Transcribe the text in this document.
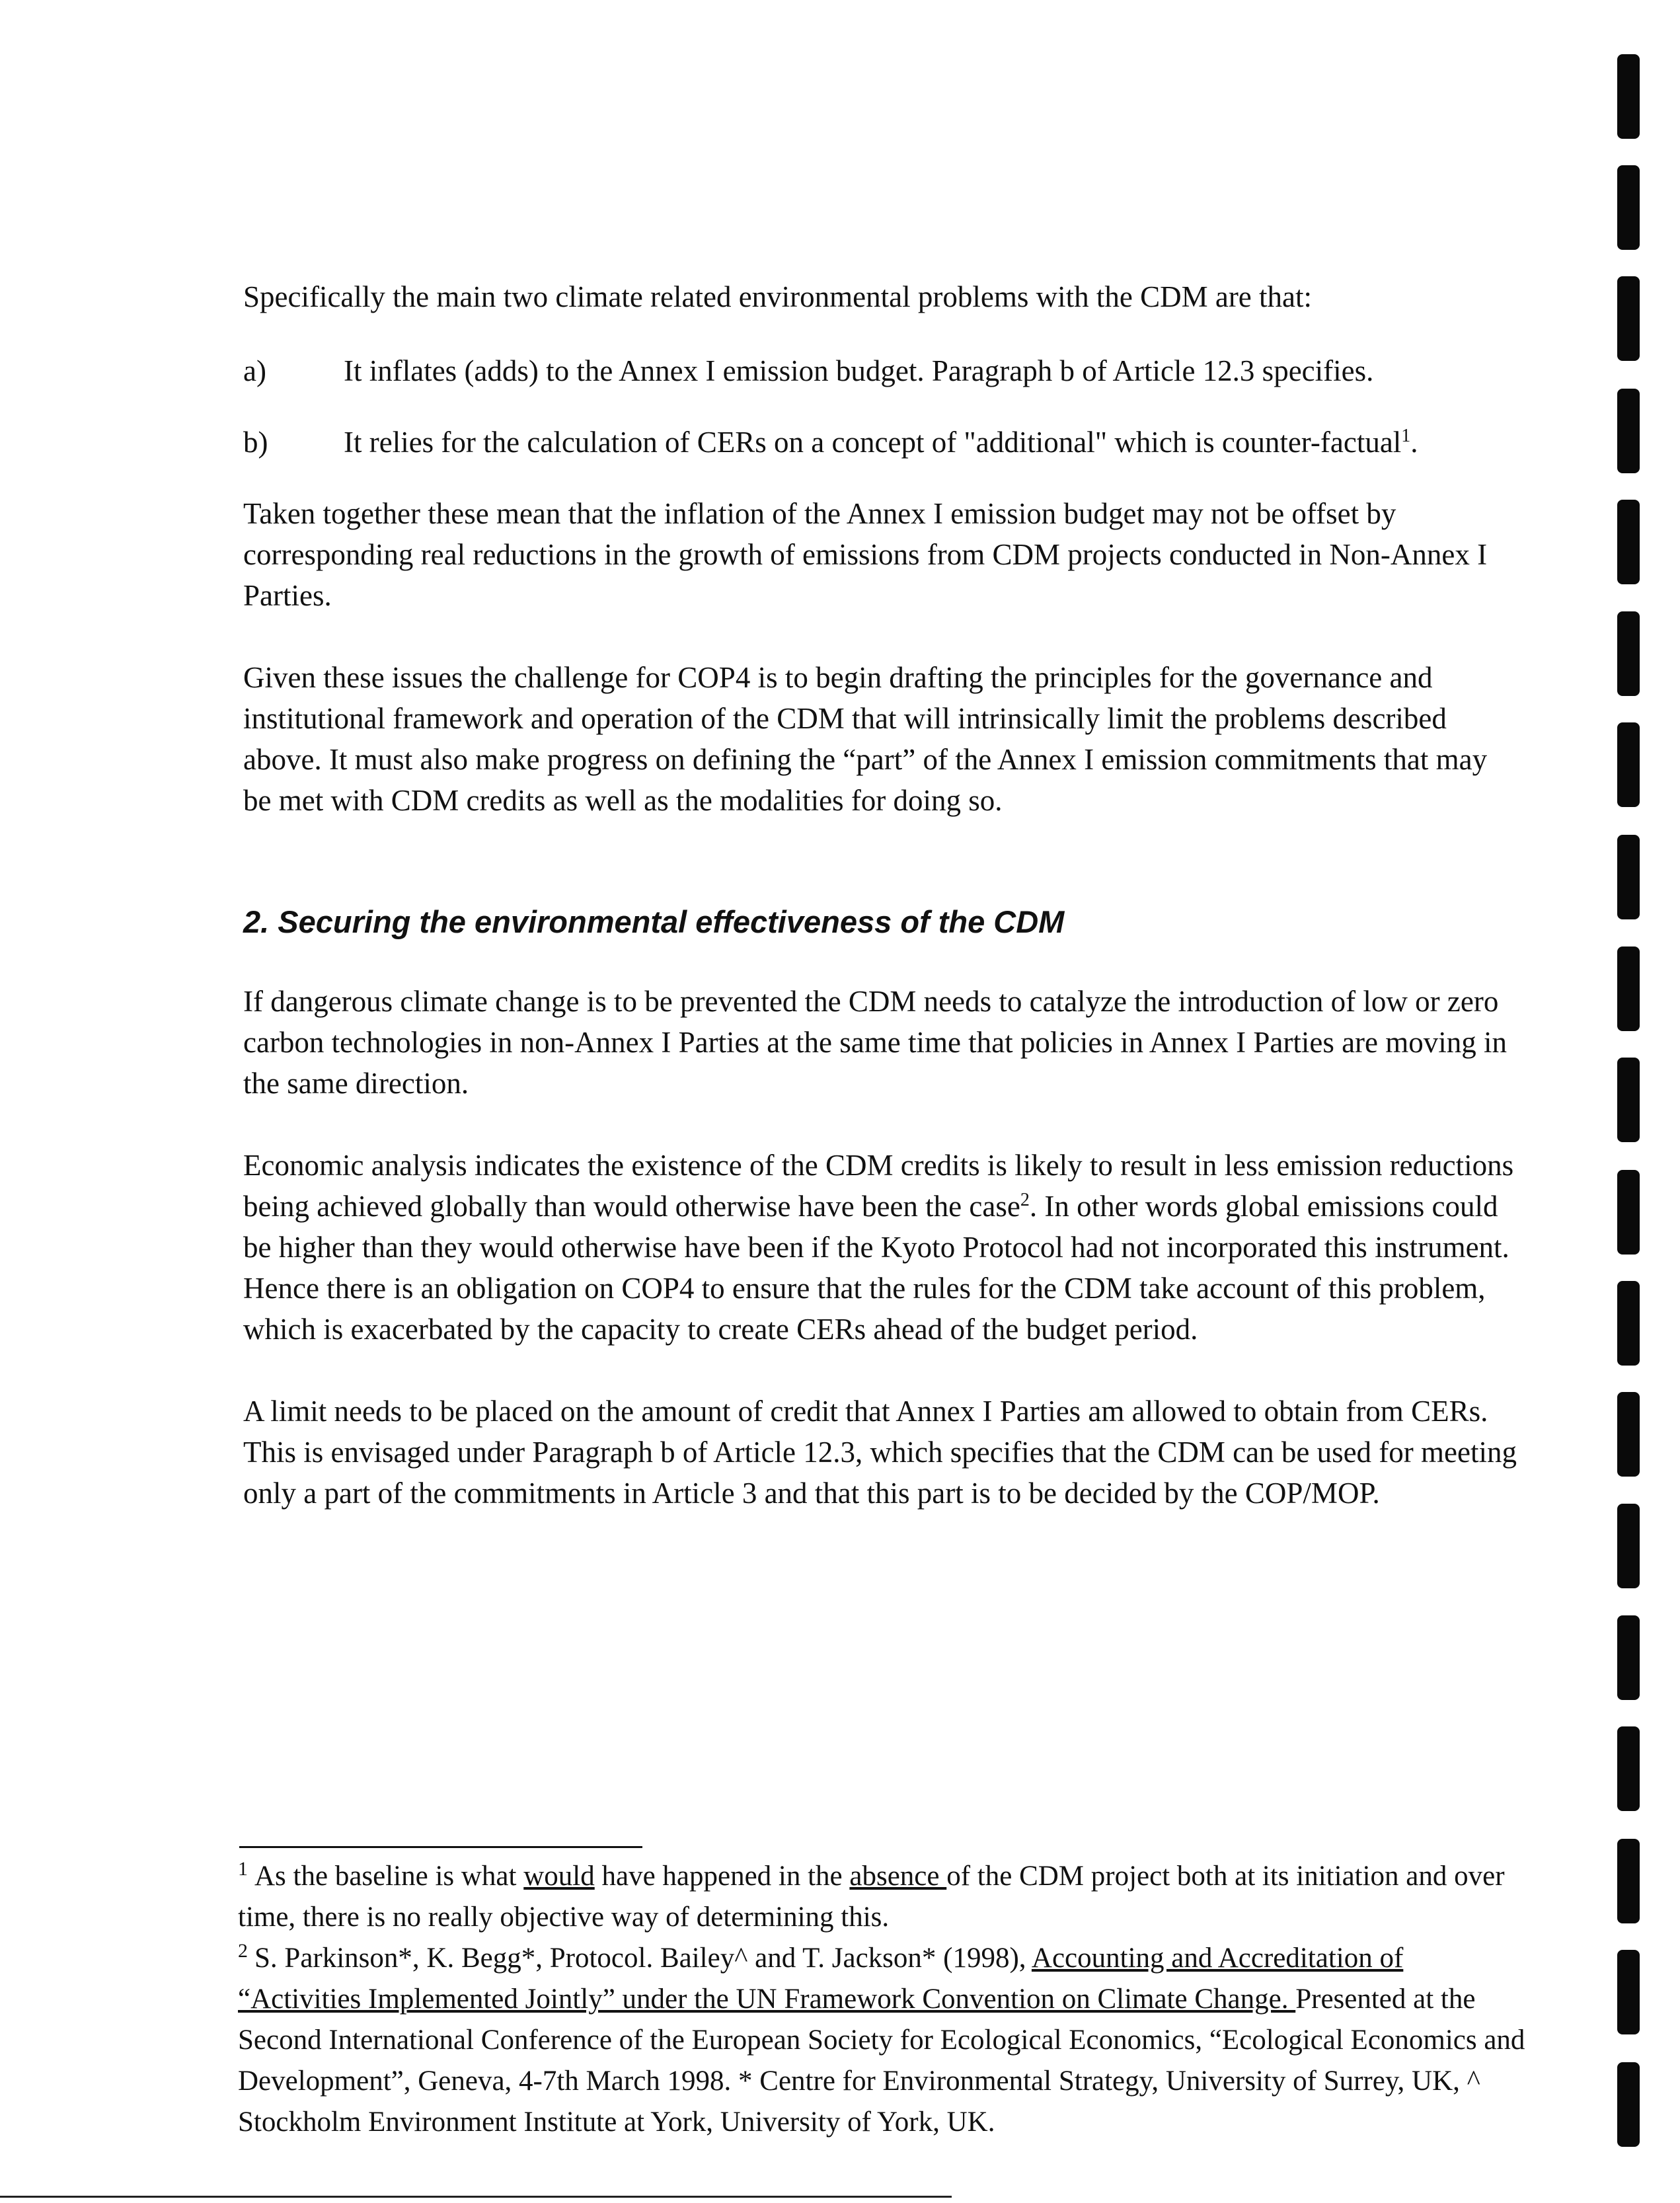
Specifically the main two climate related environmental problems with the CDM are that:

a)	It inflates (adds) to the Annex I emission budget. Paragraph b of Article 12.3 specifies.
b)	It relies for the calculation of CERs on a concept of "additional" which is counter-factual$^1$.

Taken together these mean that the inflation of the Annex I emission budget may not be offset by corresponding real reductions in the growth of emissions from CDM projects conducted in Non-Annex I Parties.

Given these issues the challenge for COP4 is to begin drafting the principles for the governance and institutional framework and operation of the CDM that will intrinsically limit the problems described above. It must also make progress on defining the “part” of the Annex I emission commitments that may be met with CDM credits as well as the modalities for doing so.

2. Securing the environmental effectiveness of the CDM

If dangerous climate change is to be prevented the CDM needs to catalyze the introduction of low or zero carbon technologies in non-Annex I Parties at the same time that policies in Annex I Parties are moving in the same direction.

Economic analysis indicates the existence of the CDM credits is likely to result in less emission reductions being achieved globally than would otherwise have been the case$^2$. In other words global emissions could be higher than they would otherwise have been if the Kyoto Protocol had not incorporated this instrument. Hence there is an obligation on COP4 to ensure that the rules for the CDM take account of this problem, which is exacerbated by the capacity to create CERs ahead of the budget period.

A limit needs to be placed on the amount of credit that Annex I Parties am allowed to obtain from CERs. This is envisaged under Paragraph b of Article 12.3, which specifies that the CDM can be used for meeting only a part of the commitments in Article 3 and that this part is to be decided by the COP/MOP.

$^1$ As the baseline is what would have happened in the absence of the CDM project both at its initiation and over time, there is no really objective way of determining this.

$^2$ S. Parkinson*, K. Begg*, Protocol. Bailey^ and T. Jackson* (1998), Accounting and Accreditation of “Activities Implemented Jointly” under the UN Framework Convention on Climate Change. Presented at the Second International Conference of the European Society for Ecological Economics, “Ecological Economics and Development”, Geneva, 4-7th March 1998. * Centre for Environmental Strategy, University of Surrey, UK, ^ Stockholm Environment Institute at York, University of York, UK.
